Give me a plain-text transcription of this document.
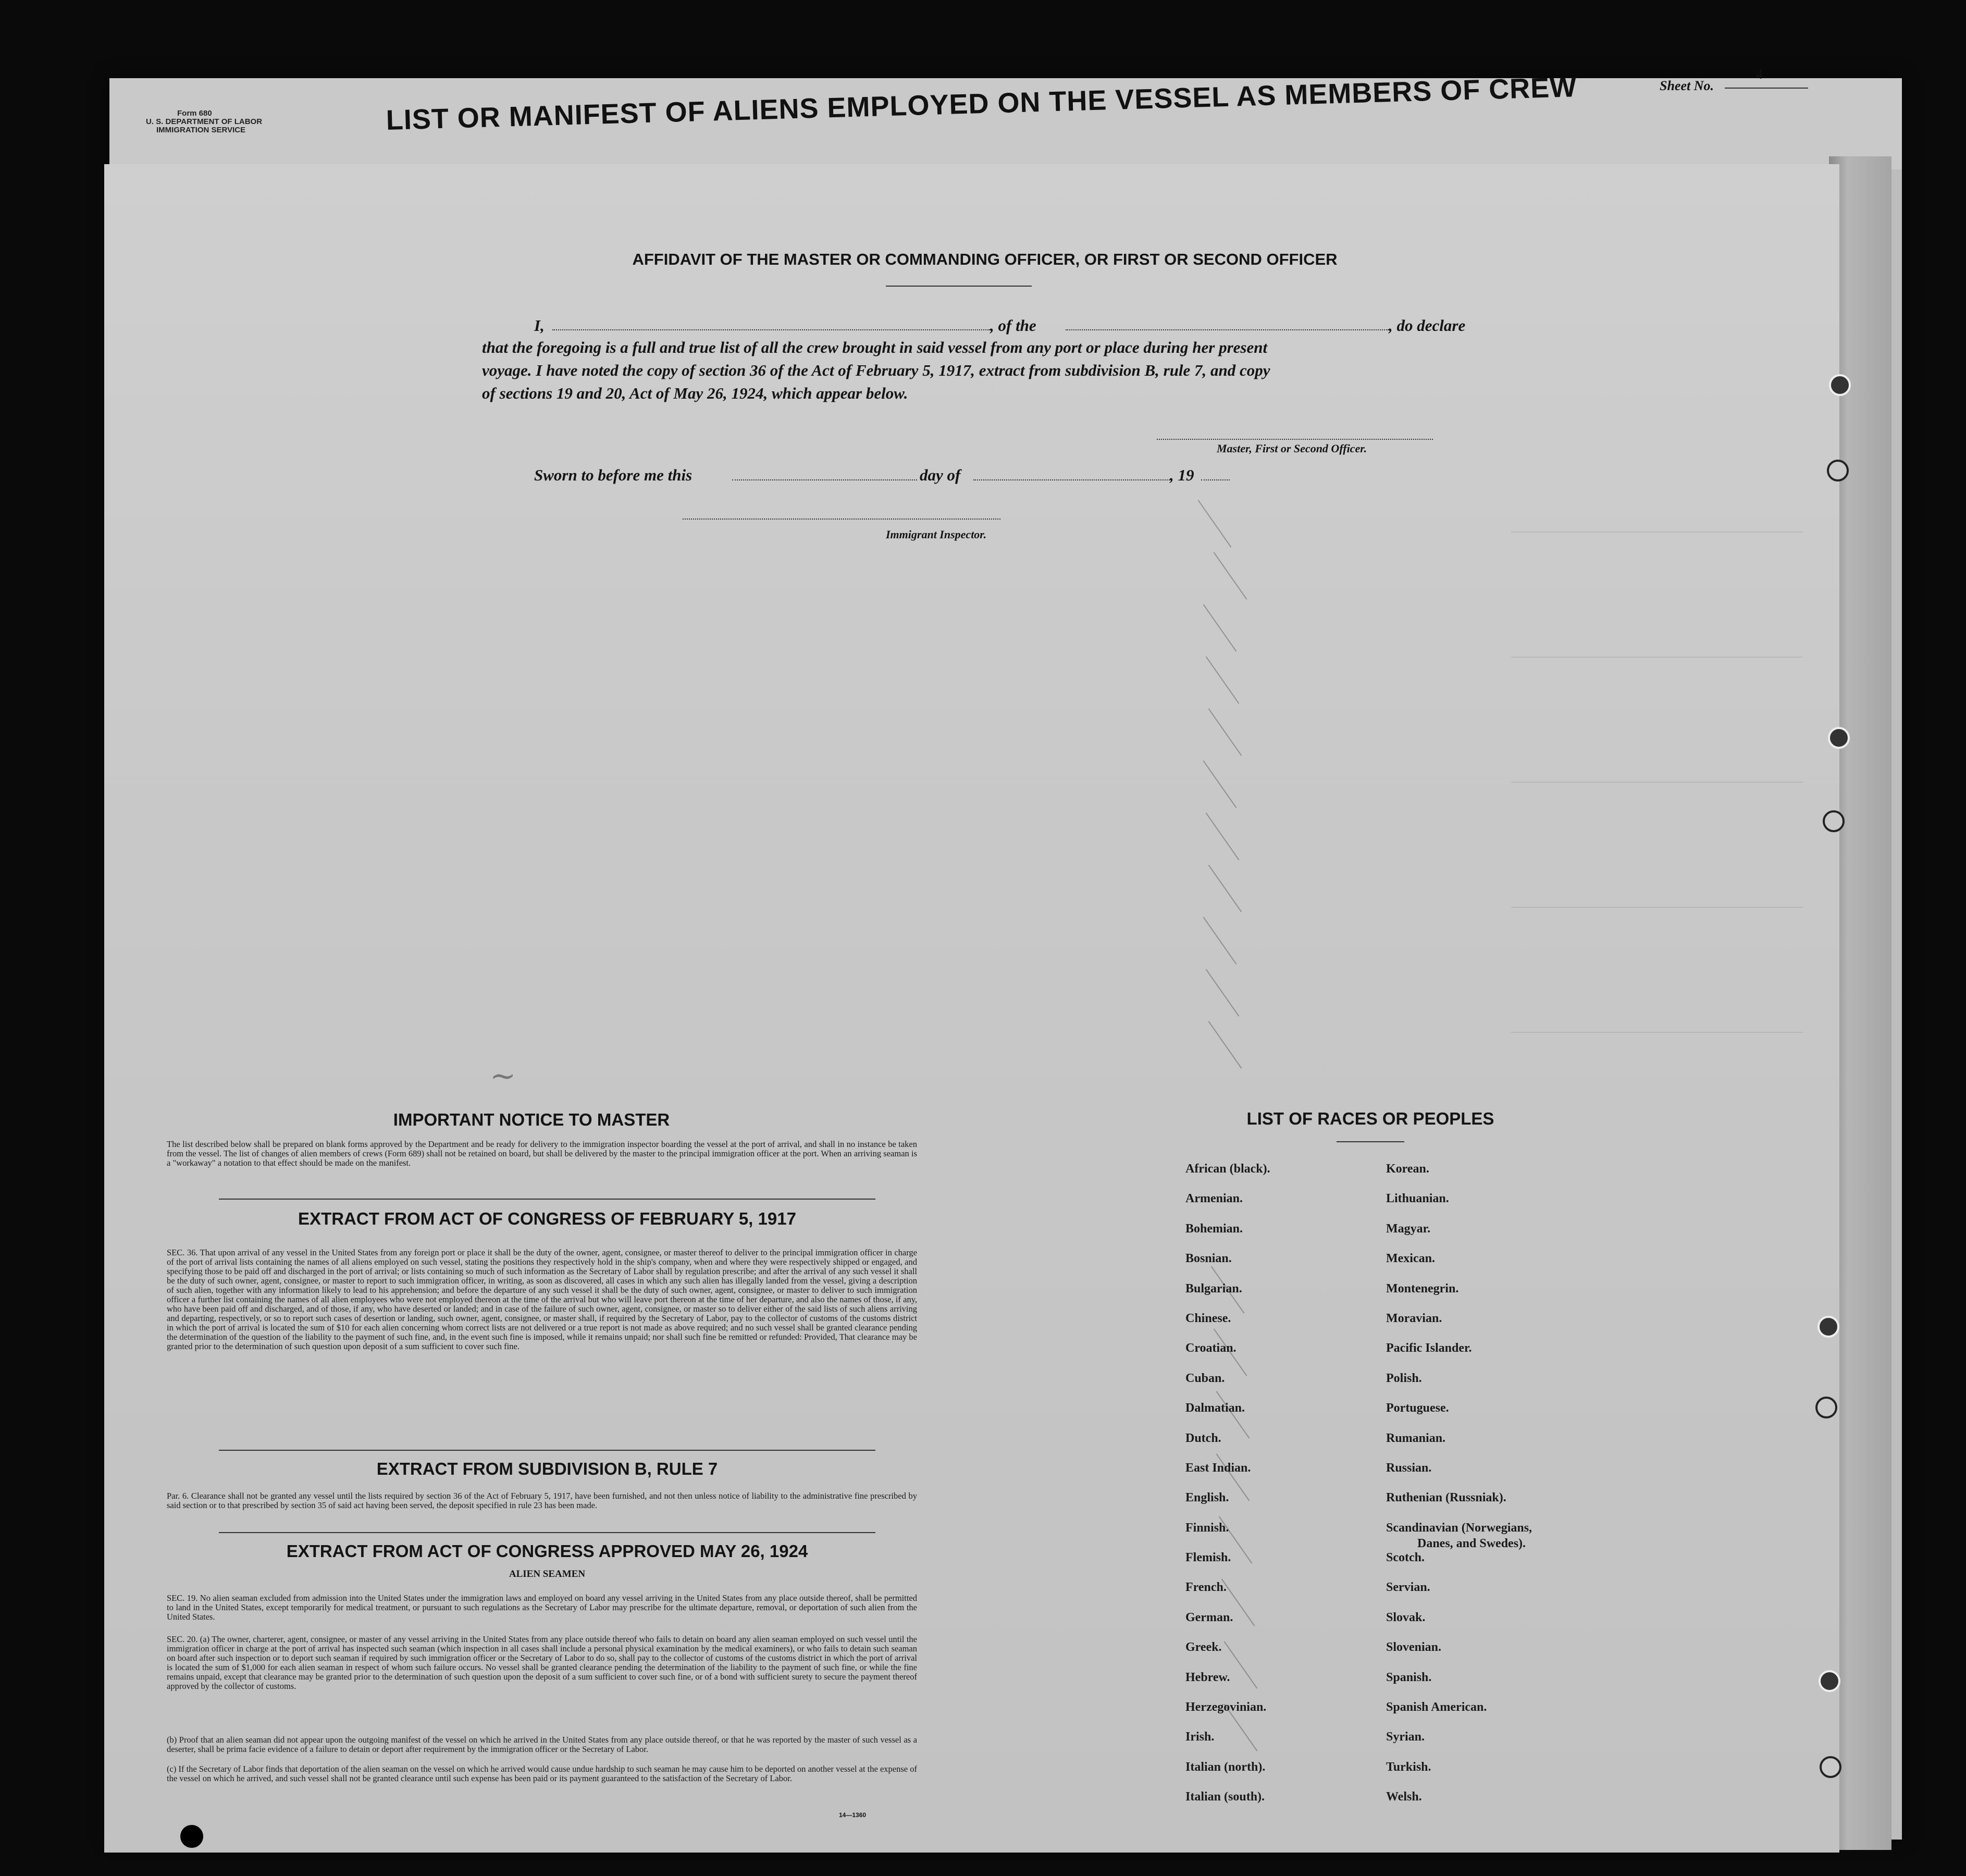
Form 680
U. S. DEPARTMENT OF LABOR
IMMIGRATION SERVICE
Sheet No.
4
LIST OR MANIFEST OF ALIENS EMPLOYED ON THE VESSEL AS MEMBERS OF CREW
AFFIDAVIT OF THE MASTER OR COMMANDING OFFICER, OR FIRST OR SECOND OFFICER
I,	, of the	, do declare
that the foregoing is a full and true list of all the crew brought in said vessel from any port or place during her present
voyage. I have noted the copy of section 36 of the Act of February 5, 1917, extract from subdivision B, rule 7, and copy
of sections 19 and 20, Act of May 26, 1924, which appear below.
Master, First or Second Officer.
Sworn to before me this	day of	, 19
Immigrant Inspector.
~
IMPORTANT NOTICE TO MASTER
The list described below shall be prepared on blank forms approved by the Department and be ready for delivery to the immigration inspector boarding the vessel at the port of arrival, and shall in no instance be taken from the vessel. The list of changes of alien members of crews (Form 689) shall not be retained on board, but shall be delivered by the master to the principal immigration officer at the port. When an arriving seaman is a "workaway" a notation to that effect should be made on the manifest.
EXTRACT FROM ACT OF CONGRESS OF FEBRUARY 5, 1917
SEC. 36. That upon arrival of any vessel in the United States from any foreign port or place it shall be the duty of the owner, agent, consignee, or master thereof to deliver to the principal immigration officer in charge of the port of arrival lists containing the names of all aliens employed on such vessel, stating the positions they respectively hold in the ship's company, when and where they were respectively shipped or engaged, and specifying those to be paid off and discharged in the port of arrival; or lists containing so much of such information as the Secretary of Labor shall by regulation prescribe; and after the arrival of any such vessel it shall be the duty of such owner, agent, consignee, or master to report to such immigration officer, in writing, as soon as discovered, all cases in which any such alien has illegally landed from the vessel, giving a description of such alien, together with any information likely to lead to his apprehension; and before the departure of any such vessel it shall be the duty of such owner, agent, consignee, or master to deliver to such immigration officer a further list containing the names of all alien employees who were not employed thereon at the time of the arrival but who will leave port thereon at the time of her departure, and also the names of those, if any, who have been paid off and discharged, and of those, if any, who have deserted or landed; and in case of the failure of such owner, agent, consignee, or master so to deliver either of the said lists of such aliens arriving and departing, respectively, or so to report such cases of desertion or landing, such owner, agent, consignee, or master shall, if required by the Secretary of Labor, pay to the collector of customs of the customs district in which the port of arrival is located the sum of $10 for each alien concerning whom correct lists are not delivered or a true report is not made as above required; and no such vessel shall be granted clearance pending the determination of the question of the liability to the payment of such fine, and, in the event such fine is imposed, while it remains unpaid; nor shall such fine be remitted or refunded: Provided, That clearance may be granted prior to the determination of such question upon deposit of a sum sufficient to cover such fine.
EXTRACT FROM SUBDIVISION B, RULE 7
Par. 6. Clearance shall not be granted any vessel until the lists required by section 36 of the Act of February 5, 1917, have been furnished, and not then unless notice of liability to the administrative fine prescribed by said section or to that prescribed by section 35 of said act having been served, the deposit specified in rule 23 has been made.
EXTRACT FROM ACT OF CONGRESS APPROVED MAY 26, 1924
ALIEN SEAMEN
SEC. 19. No alien seaman excluded from admission into the United States under the immigration laws and employed on board any vessel arriving in the United States from any place outside thereof, shall be permitted to land in the United States, except temporarily for medical treatment, or pursuant to such regulations as the Secretary of Labor may prescribe for the ultimate departure, removal, or deportation of such alien from the United States.
SEC. 20. (a) The owner, charterer, agent, consignee, or master of any vessel arriving in the United States from any place outside thereof who fails to detain on board any alien seaman employed on such vessel until the immigration officer in charge at the port of arrival has inspected such seaman (which inspection in all cases shall include a personal physical examination by the medical examiners), or who fails to detain such seaman on board after such inspection or to deport such seaman if required by such immigration officer or the Secretary of Labor to do so, shall pay to the collector of customs of the customs district in which the port of arrival is located the sum of $1,000 for each alien seaman in respect of whom such failure occurs. No vessel shall be granted clearance pending the determination of the liability to the payment of such fine, or while the fine remains unpaid, except that clearance may be granted prior to the determination of such question upon the deposit of a sum sufficient to cover such fine, or of a bond with sufficient surety to secure the payment thereof approved by the collector of customs.
(b) Proof that an alien seaman did not appear upon the outgoing manifest of the vessel on which he arrived in the United States from any place outside thereof, or that he was reported by the master of such vessel as a deserter, shall be prima facie evidence of a failure to detain or deport after requirement by the immigration officer or the Secretary of Labor.
(c) If the Secretary of Labor finds that deportation of the alien seaman on the vessel on which he arrived would cause undue hardship to such seaman he may cause him to be deported on another vessel at the expense of the vessel on which he arrived, and such vessel shall not be granted clearance until such expense has been paid or its payment guaranteed to the satisfaction of the Secretary of Labor.
14—1360
LIST OF RACES OR PEOPLES
African (black).
Armenian.
Bohemian.
Bosnian.
Bulgarian.
Chinese.
Croatian.
Cuban.
Dalmatian.
Dutch.
East Indian.
English.
Finnish.
Flemish.
French.
German.
Greek.
Hebrew.
Herzegovinian.
Irish.
Italian (north).
Italian (south).
Korean.
Lithuanian.
Magyar.
Mexican.
Montenegrin.
Moravian.
Pacific Islander.
Polish.
Portuguese.
Rumanian.
Russian.
Ruthenian (Russniak).
Scandinavian (Norwegians,
Danes, and Swedes).
Scotch.
Servian.
Slovak.
Slovenian.
Spanish.
Spanish American.
Syrian.
Turkish.
Welsh.
